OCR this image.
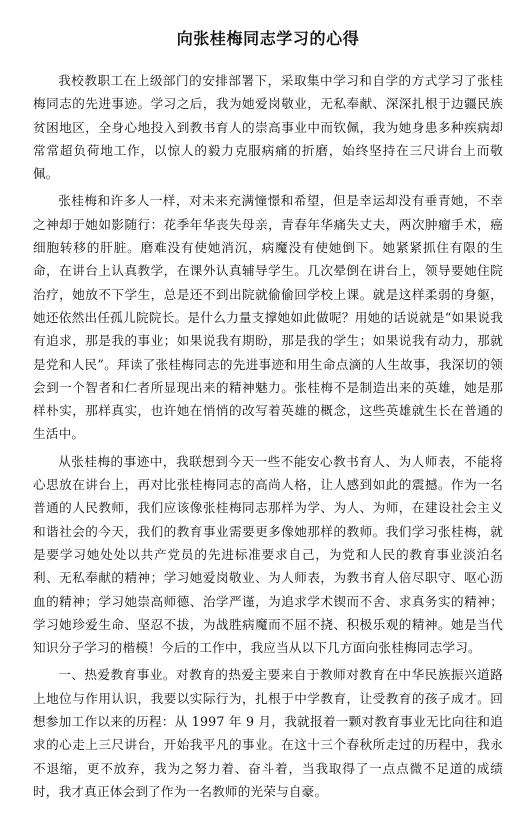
向张桂梅同志学习的心得

我校教职工在上级部门的安排部署下，采取集中学习和自学的方式学习了张桂梅同志的先进事迹。学习之后，我为她爱岗敬业，无私奉献、深深扎根于边疆民族贫困地区，全身心地投入到教书育人的崇高事业中而钦佩，我为她身患多种疾病却常常超负荷地工作，以惊人的毅力克服病痛的折磨，始终坚持在三尺讲台上而敬佩。

张桂梅和许多人一样，对未来充满憧憬和希望，但是幸运却没有垂青她，不幸之神却于她如影随行：花季年华丧失母亲，青春年华痛失丈夫，两次肿瘤手术，癌细胞转移的肝脏。磨难没有使她消沉，病魔没有使她倒下。她紧紧抓住有限的生命，在讲台上认真教学，在课外认真辅导学生。几次晕倒在讲台上，领导要她住院治疗，她放不下学生，总是还不到出院就偷偷回学校上课。就是这样柔弱的身躯，她还依然出任孤儿院院长。是什么力量支撑她如此做呢？用她的话说就是“如果说我有追求，那是我的事业；如果说我有期盼，那是我的学生；如果说我有动力，那就是党和人民”。拜读了张桂梅同志的先进事迹和用生命点滴的人生故事，我深切的领会到一个智者和仁者所显现出来的精神魅力。张桂梅不是制造出来的英雄，她是那样朴实，那样真实，也许她在悄悄的改写着英雄的概念，这些英雄就生长在普通的生活中。

从张桂梅的事迹中，我联想到今天一些不能安心教书育人、为人师表，不能将心思放在讲台上，再对比张桂梅同志的高尚人格，让人感到如此的震撼。作为一名普通的人民教师，我们应该像张桂梅同志那样为学、为人、为师，在建设社会主义和谐社会的今天，我们的教育事业需要更多像她那样的教师。我们学习张桂梅，就是要学习她处处以共产党员的先进标准要求自己，为党和人民的教育事业淡泊名利、无私奉献的精神；学习她爱岗敬业、为人师表，为教书育人倍尽职守、呕心沥血的精神；学习她崇高师德、治学严谨，为追求学术锲而不舍、求真务实的精神；学习她珍爱生命、坚忍不拔，为战胜病魔而不屈不挠、积极乐观的精神。她是当代知识分子学习的楷模！今后的工作中，我应当从以下几方面向张桂梅同志学习。

一、热爱教育事业。对教育的热爱主要来自于教师对教育在中华民族振兴道路上地位与作用认识，我要以实际行为，扎根于中学教育，让受教育的孩子成才。回想参加工作以来的历程：从 1997 年 9 月，我就报着一颗对教育事业无比向往和追求的心走上三尺讲台，开始我平凡的事业。在这十三个春秋所走过的历程中，我永不退缩，更不放弃，我为之努力着、奋斗着，当我取得了一点点微不足道的成绩时，我才真正体会到了作为一名教师的光荣与自豪。
